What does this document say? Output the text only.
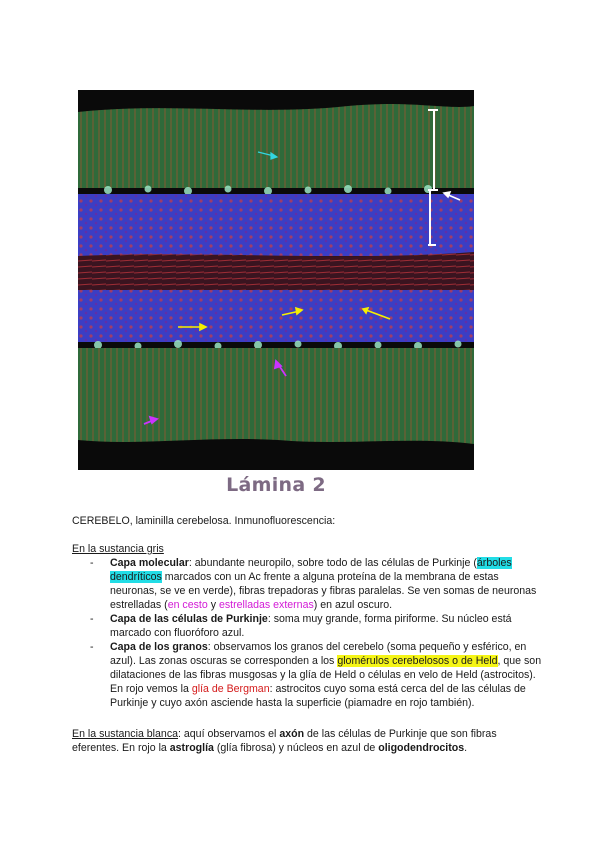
Lámina 2

CEREBELO, laminilla cerebelosa. Inmunofluorescencia:

En la sustancia gris

- Capa molecular: abundante neuropilo, sobre todo de las células de Purkinje (árboles dendríticos marcados con un Ac frente a alguna proteína de la membrana de estas neuronas, se ve en verde), fibras trepadoras y fibras paralelas. Se ven somas de neuronas estrelladas (en cesto y estrelladas externas) en azul oscuro.
- Capa de las células de Purkinje: soma muy grande, forma piriforme. Su núcleo está marcado con fluoróforo azul.
- Capa de los granos: observamos los granos del cerebelo (soma pequeño y esférico, en azul). Las zonas oscuras se corresponden a los glomérulos cerebelosos o de Held, que son dilataciones de las fibras musgosas y la glía de Held o células en velo de Held (astrocitos). En rojo vemos la glía de Bergman: astrocitos cuyo soma está cerca del de las células de Purkinje y cuyo axón asciende hasta la superficie (piamadre en rojo también).

En la sustancia blanca: aquí observamos el axón de las células de Purkinje que son fibras eferentes. En rojo la astroglía (glía fibrosa) y núcleos en azul de oligodendrocitos.
